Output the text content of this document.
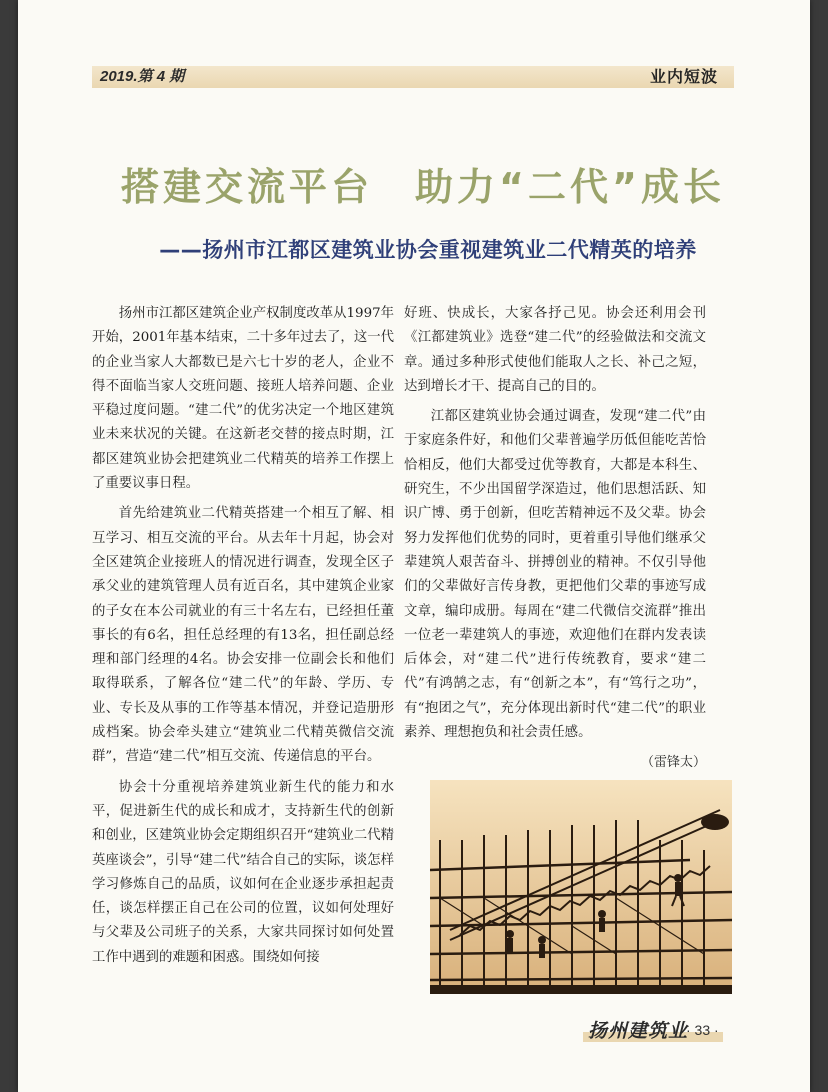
2019.第 4 期	业内短波
搭建交流平台　助力“二代”成长
——扬州市江都区建筑业协会重视建筑业二代精英的培养

扬州市江都区建筑企业产权制度改革从1997年开始，2001年基本结束，二十多年过去了，这一代的企业当家人大都数已是六七十岁的老人，企业不得不面临当家人交班问题、接班人培养问题、企业平稳过度问题。“建二代”的优劣决定一个地区建筑业未来状况的关键。在这新老交替的接点时期，江都区建筑业协会把建筑业二代精英的培养工作摆上了重要议事日程。

首先给建筑业二代精英搭建一个相互了解、相互学习、相互交流的平台。从去年十月起，协会对全区建筑企业接班人的情况进行调查，发现全区子承父业的建筑管理人员有近百名，其中建筑企业家的子女在本公司就业的有三十名左右，已经担任董事长的有6名，担任总经理的有13名，担任副总经理和部门经理的4名。协会安排一位副会长和他们取得联系，了解各位“建二代”的年龄、学历、专业、专长及从事的工作等基本情况，并登记造册形成档案。协会牵头建立“建筑业二代精英微信交流群”，营造“建二代”相互交流、传递信息的平台。

协会十分重视培养建筑业新生代的能力和水平，促进新生代的成长和成才，支持新生代的创新和创业，区建筑业协会定期组织召开“建筑业二代精英座谈会”，引导“建二代”结合自己的实际，谈怎样学习修炼自己的品质，议如何在企业逐步承担起责任，谈怎样摆正自己在公司的位置，议如何处理好与父辈及公司班子的关系，大家共同探讨如何处置工作中遇到的难题和困惑。围绕如何接

好班、快成长，大家各抒己见。协会还利用会刊《江都建筑业》选登“建二代”的经验做法和交流文章。通过多种形式使他们能取人之长、补己之短，达到增长才干、提高自己的目的。

江都区建筑业协会通过调查，发现“建二代”由于家庭条件好，和他们父辈普遍学历低但能吃苦恰恰相反，他们大都受过优等教育，大都是本科生、研究生，不少出国留学深造过，他们思想活跃、知识广博、勇于创新，但吃苦精神远不及父辈。协会努力发挥他们优势的同时，更着重引导他们继承父辈建筑人艰苦奋斗、拼搏创业的精神。不仅引导他们的父辈做好言传身教，更把他们父辈的事迹写成文章，编印成册。每周在“建二代微信交流群”推出一位老一辈建筑人的事迹，欢迎他们在群内发表读后体会，对“建二代”进行传统教育，要求“建二代”有鸿鹄之志，有“创新之本”，有“笃行之功”，有“抱团之气”，充分体现出新时代“建二代”的职业素养、理想抱负和社会责任感。

（雷锋太）
扬州建筑业
· 33 ·
